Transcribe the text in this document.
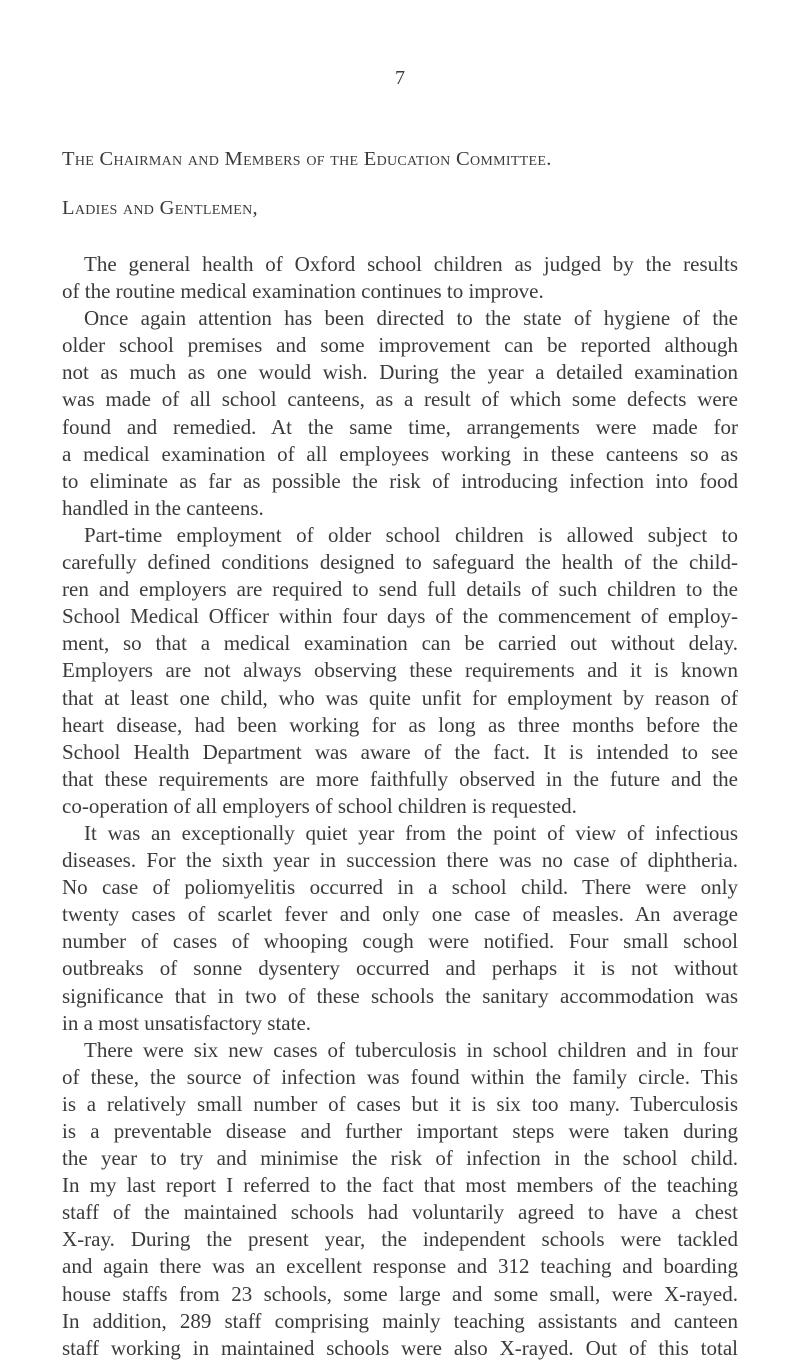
7
The Chairman and Members of the Education Committee.
Ladies and Gentlemen,
The general health of Oxford school children as judged by the results
of the routine medical examination continues to improve.
Once again attention has been directed to the state of hygiene of the
older school premises and some improvement can be reported although
not as much as one would wish. During the year a detailed examination
was made of all school canteens, as a result of which some defects were
found and remedied. At the same time, arrangements were made for
a medical examination of all employees working in these canteens so as
to eliminate as far as possible the risk of introducing infection into food
handled in the canteens.
Part-time employment of older school children is allowed subject to
carefully defined conditions designed to safeguard the health of the child-
ren and employers are required to send full details of such children to the
School Medical Officer within four days of the commencement of employ-
ment, so that a medical examination can be carried out without delay.
Employers are not always observing these requirements and it is known
that at least one child, who was quite unfit for employment by reason of
heart disease, had been working for as long as three months before the
School Health Department was aware of the fact. It is intended to see
that these requirements are more faithfully observed in the future and the
co-operation of all employers of school children is requested.
It was an exceptionally quiet year from the point of view of infectious
diseases. For the sixth year in succession there was no case of diphtheria.
No case of poliomyelitis occurred in a school child. There were only
twenty cases of scarlet fever and only one case of measles. An average
number of cases of whooping cough were notified. Four small school
outbreaks of sonne dysentery occurred and perhaps it is not without
significance that in two of these schools the sanitary accommodation was
in a most unsatisfactory state.
There were six new cases of tuberculosis in school children and in four
of these, the source of infection was found within the family circle. This
is a relatively small number of cases but it is six too many. Tuberculosis
is a preventable disease and further important steps were taken during
the year to try and minimise the risk of infection in the school child.
In my last report I referred to the fact that most members of the teaching
staff of the maintained schools had voluntarily agreed to have a chest
X-ray. During the present year, the independent schools were tackled
and again there was an excellent response and 312 teaching and boarding
house staffs from 23 schools, some large and some small, were X-rayed.
In addition, 289 staff comprising mainly teaching assistants and canteen
staff working in maintained schools were also X-rayed. Out of this total
